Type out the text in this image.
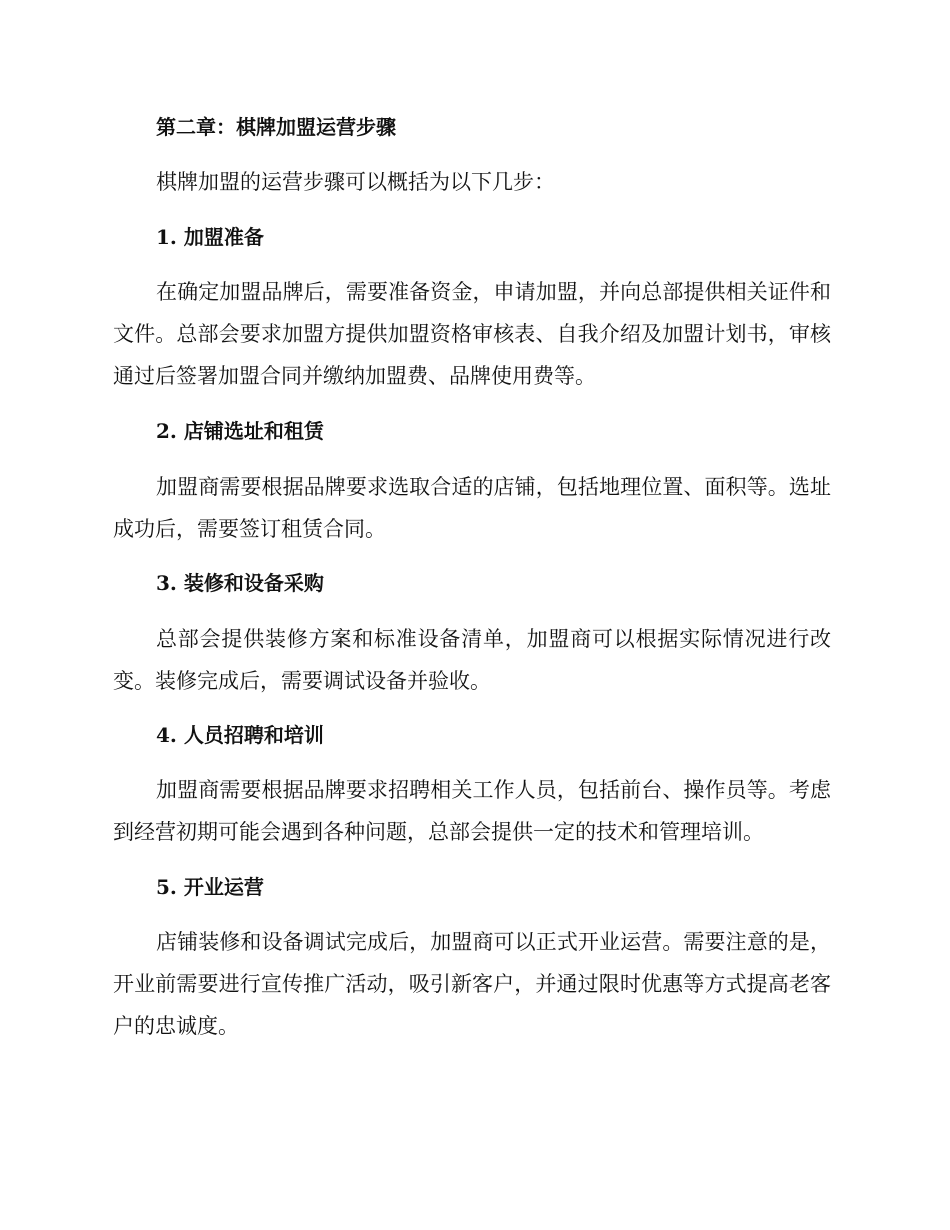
第二章：棋牌加盟运营步骤

棋牌加盟的运营步骤可以概括为以下几步：

1. 加盟准备

在确定加盟品牌后，需要准备资金，申请加盟，并向总部提供相关证件和文件。总部会要求加盟方提供加盟资格审核表、自我介绍及加盟计划书，审核通过后签署加盟合同并缴纳加盟费、品牌使用费等。

2. 店铺选址和租赁

加盟商需要根据品牌要求选取合适的店铺，包括地理位置、面积等。选址成功后，需要签订租赁合同。

3. 装修和设备采购

总部会提供装修方案和标准设备清单，加盟商可以根据实际情况进行改变。装修完成后，需要调试设备并验收。

4. 人员招聘和培训

加盟商需要根据品牌要求招聘相关工作人员，包括前台、操作员等。考虑到经营初期可能会遇到各种问题，总部会提供一定的技术和管理培训。

5. 开业运营

店铺装修和设备调试完成后，加盟商可以正式开业运营。需要注意的是，开业前需要进行宣传推广活动，吸引新客户，并通过限时优惠等方式提高老客户的忠诚度。
